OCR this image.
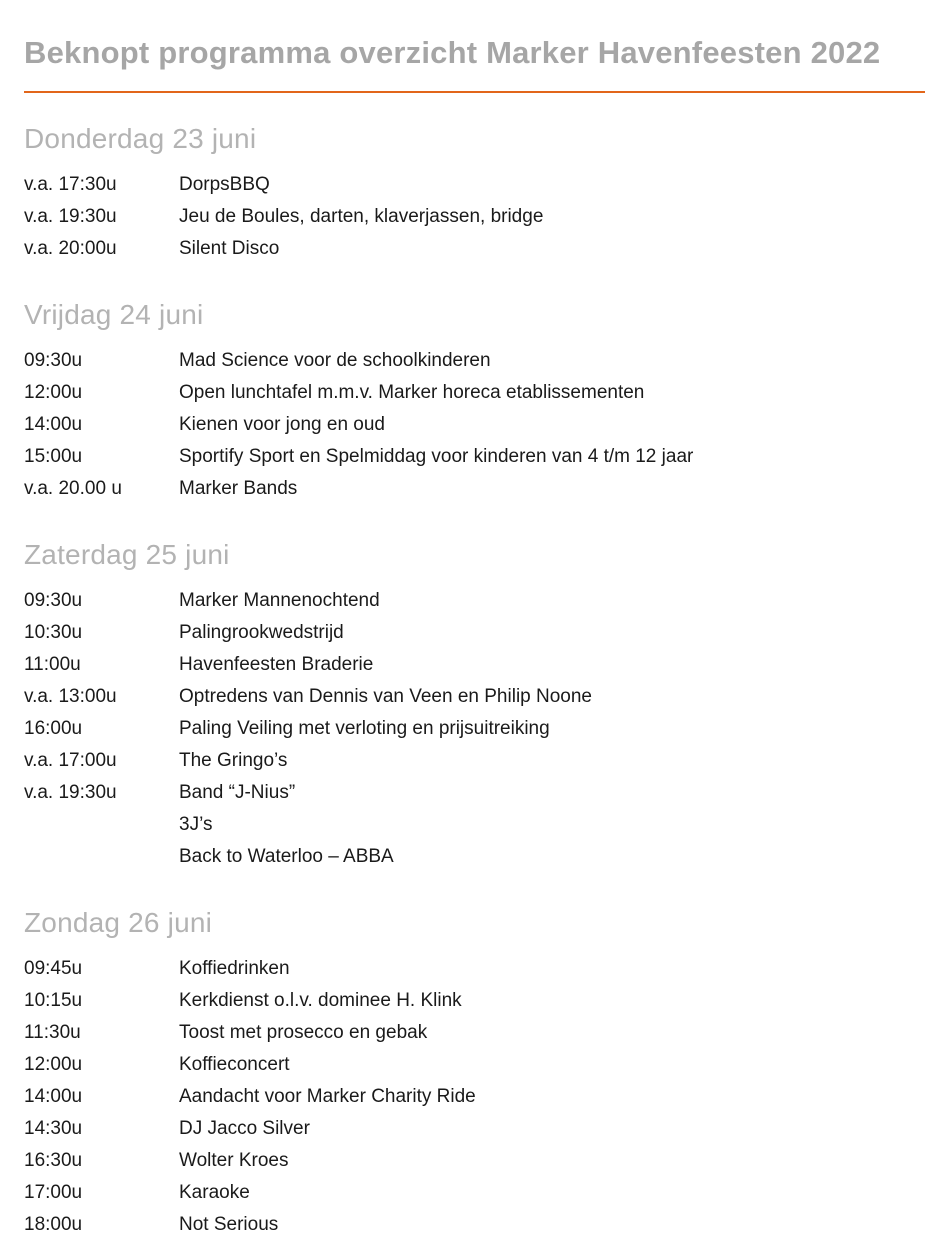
Beknopt programma overzicht Marker Havenfeesten 2022
Donderdag 23 juni
v.a. 17:30u	DorpsBBQ
v.a. 19:30u	Jeu de Boules, darten, klaverjassen, bridge
v.a. 20:00u	Silent Disco
Vrijdag 24 juni
09:30u	Mad Science voor de schoolkinderen
12:00u	Open lunchtafel m.m.v. Marker horeca etablissementen
14:00u	Kienen voor jong en oud
15:00u	Sportify Sport en Spelmiddag voor kinderen van 4 t/m 12 jaar
v.a. 20.00 u	Marker Bands
Zaterdag 25 juni
09:30u	Marker Mannenochtend
10:30u	Palingrookwedstrijd
11:00u	Havenfeesten Braderie
v.a. 13:00u	Optredens van Dennis van Veen en Philip Noone
16:00u	Paling Veiling met verloting en prijsuitreiking
v.a. 17:00u	The Gringo’s
v.a. 19:30u	Band “J-Nius”
3J’s
Back to Waterloo – ABBA
Zondag 26 juni
09:45u	Koffiedrinken
10:15u	Kerkdienst o.l.v. dominee H. Klink
11:30u	Toost met prosecco en gebak
12:00u	Koffieconcert
14:00u	Aandacht voor Marker Charity Ride
14:30u	DJ Jacco Silver
16:30u	Wolter Kroes
17:00u	Karaoke
18:00u	Not Serious
